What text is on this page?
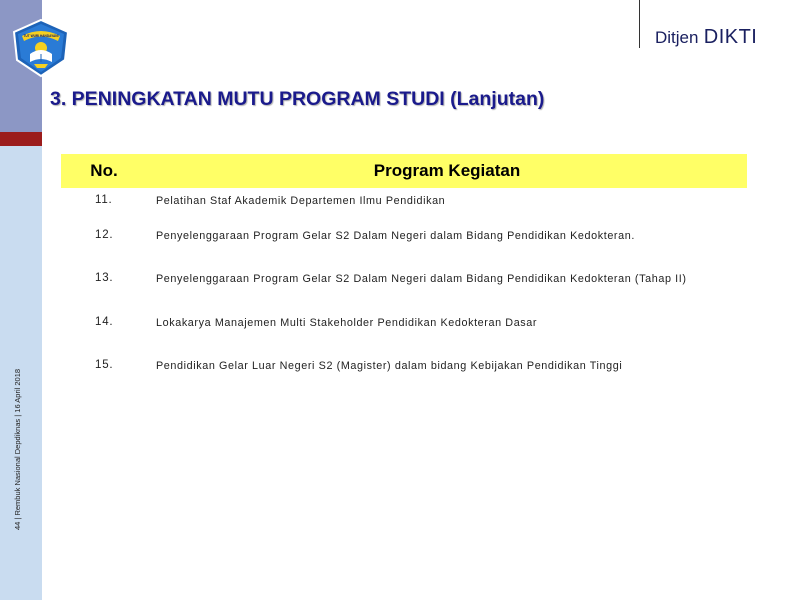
44 | Rembuk Nasional Depdiknas | 16 April 2018
TUT WURI HANDAYANI	Ditjen DIKTI
3. PENINGKATAN MUTU PROGRAM STUDI (Lanjutan)
No.	Program Kegiatan
11.	Pelatihan Staf Akademik Departemen Ilmu Pendidikan
12.	Penyelenggaraan Program Gelar S2 Dalam Negeri dalam Bidang Pendidikan Kedokteran.
13.	Penyelenggaraan Program Gelar S2 Dalam Negeri dalam Bidang Pendidikan Kedokteran (Tahap II)
14.	Lokakarya Manajemen Multi Stakeholder Pendidikan Kedokteran Dasar
15.	Pendidikan Gelar Luar Negeri S2 (Magister) dalam bidang Kebijakan Pendidikan Tinggi
